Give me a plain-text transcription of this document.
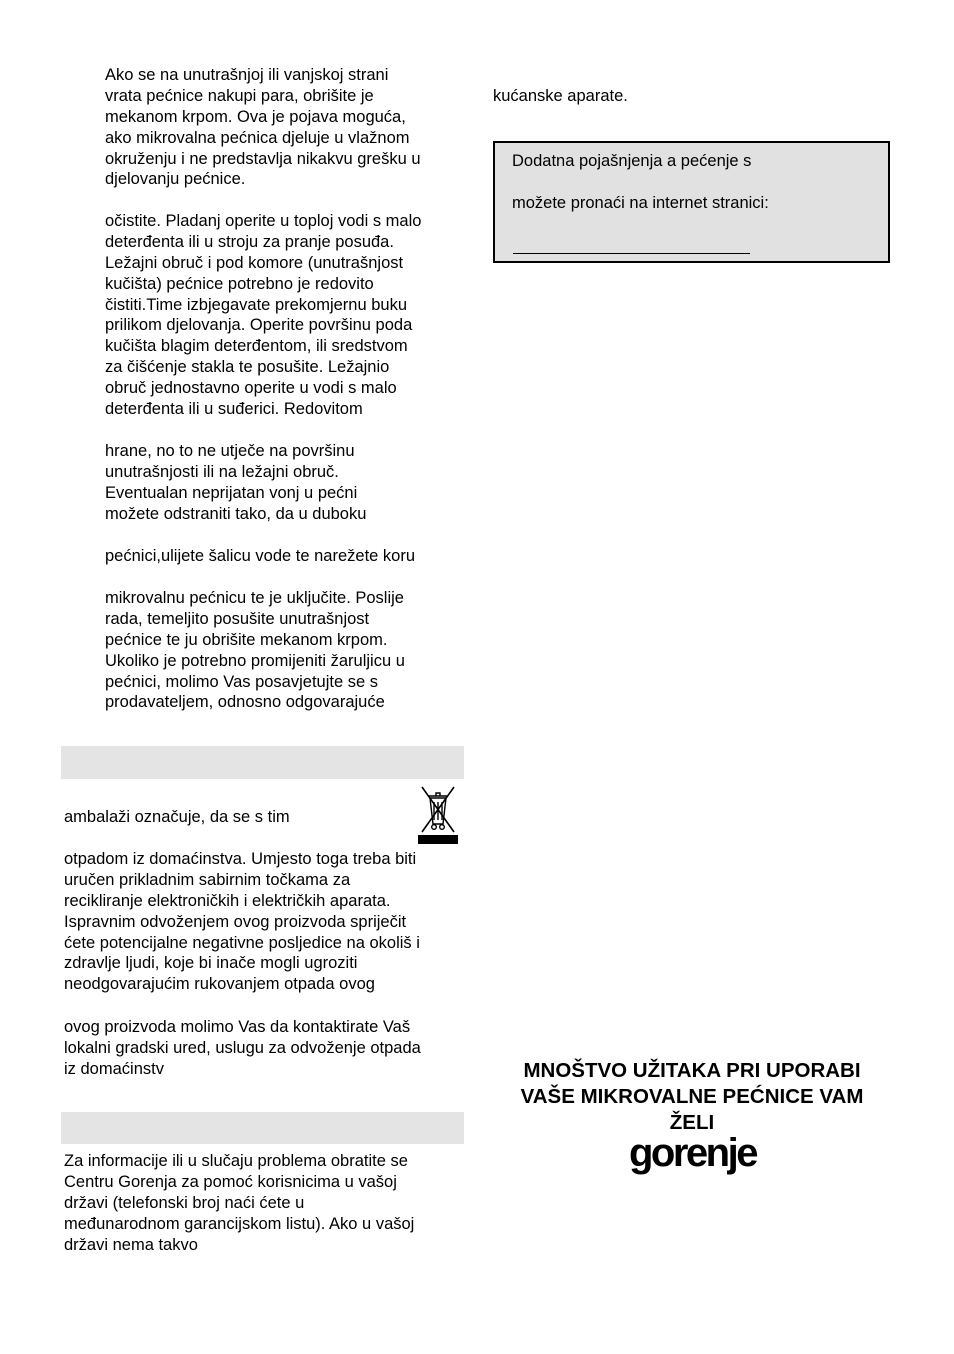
Ako se na unutrašnjoj ili vanjskoj strani
vrata pećnice nakupi para, obrišite je
mekanom krpom. Ova je pojava moguća,
ako mikrovalna pećnica djeluje u vlažnom
okruženju i ne predstavlja nikakvu grešku u
djelovanju pećnice.
očistite. Pladanj operite u toploj vodi s malo
deterđenta ili u stroju za pranje posuđa.
Ležajni obruč i pod komore (unutrašnjost
kučišta) pećnice potrebno je redovito
čistiti.Time izbjegavate prekomjernu buku
prilikom djelovanja. Operite površinu poda
kučišta blagim deterđentom, ili sredstvom
za čišćenje stakla te posušite. Ležajnio
obruč jednostavno operite u vodi s malo
deterđenta ili u suđerici. Redovitom
hrane, no to ne utječe na površinu
unutrašnjosti ili na ležajni obruč.
Eventualan neprijatan vonj u pećni
možete odstraniti tako, da u duboku
pećnici,ulijete šalicu vode te narežete koru
mikrovalnu pećnicu te je uključite. Poslije
rada, temeljito posušite unutrašnjost
pećnice te ju obrišite mekanom krpom.
Ukoliko je potrebno promijeniti žaruljicu u
pećnici, molimo Vas posavjetujte se s
prodavateljem, odnosno odgovarajuće
ambalaži označuje, da se s tim
otpadom iz domaćinstva. Umjesto toga treba biti
uručen prikladnim sabirnim točkama za
recikliranje elektroničkih i električkih aparata.
Ispravnim odvoženjem ovog proizvoda spriječit
ćete potencijalne negativne posljedice na okoliš i
zdravlje ljudi, koje bi inače mogli ugroziti
neodgovarajućim rukovanjem otpada ovog
ovog proizvoda molimo Vas da kontaktirate Vaš
lokalni gradski ured, uslugu za odvoženje otpada
iz domaćinstv
Za informacije ili u slučaju problema obratite se
Centru Gorenja za pomoć korisnicima u vašoj
državi (telefonski broj naći ćete u
međunarodnom garancijskom listu). Ako u vašoj
državi nema takvo
kućanske aparate.
Dodatna pojašnjenja a pećenje s
možete pronaći na internet stranici:
MNOŠTVO UŽITAKA PRI UPORABI
VAŠE MIKROVALNE PEĆNICE VAM
ŽELI
gorenje
